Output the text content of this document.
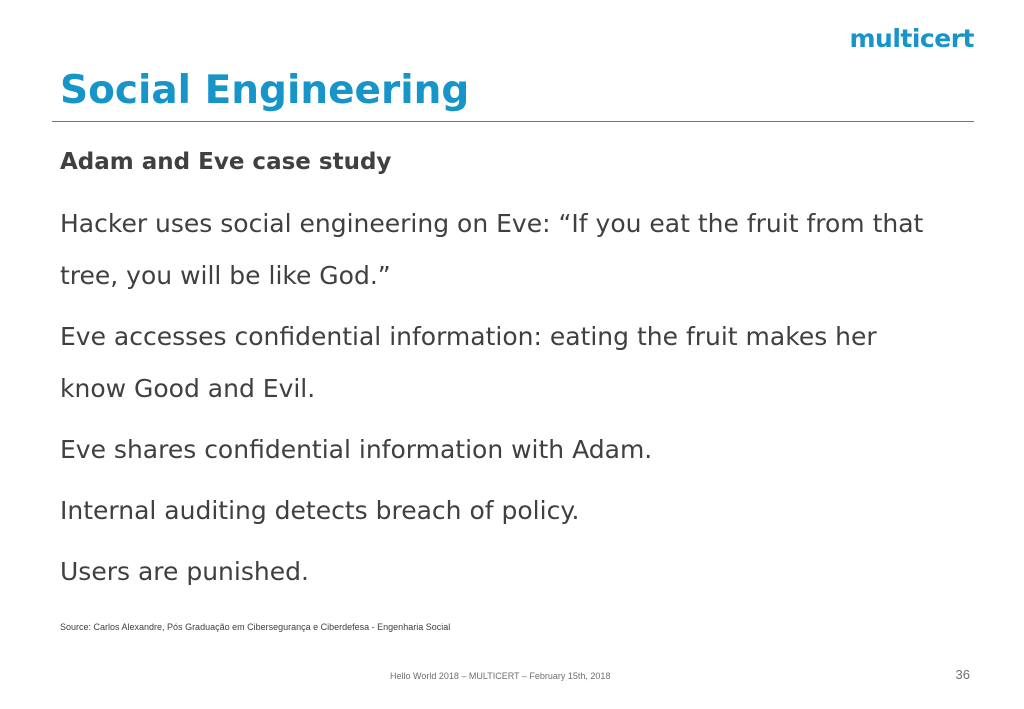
multicert
Social Engineering
Adam and Eve case study

Hacker uses social engineering on Eve: “If you eat the fruit from that tree, you will be like God.”

Eve accesses confidential information: eating the fruit makes her know Good and Evil.

Eve shares confidential information with Adam.

Internal auditing detects breach of policy.

Users are punished.

Source: Carlos Alexandre, Pós Graduação em Cibersegurança e Ciberdefesa - Engenharia Social
Hello World 2018 – MULTICERT – February 15th, 2018	36
